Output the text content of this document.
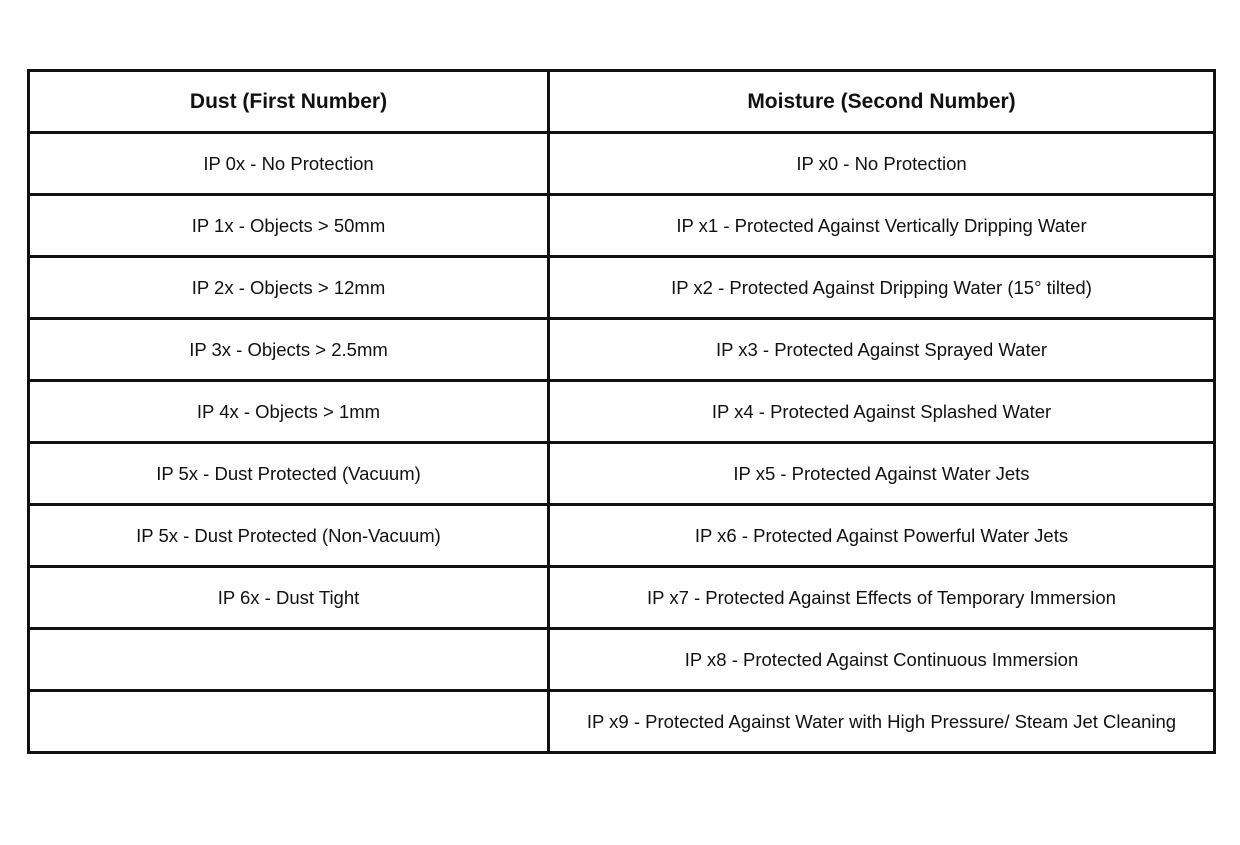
Dust (First Number)	Moisture (Second Number)
IP 0x - No Protection	IP x0 - No Protection
IP 1x - Objects > 50mm	IP x1 - Protected Against Vertically Dripping Water
IP 2x - Objects > 12mm	IP x2 - Protected Against Dripping Water (15° tilted)
IP 3x - Objects > 2.5mm	IP x3 - Protected Against Sprayed Water
IP 4x - Objects > 1mm	IP x4 - Protected Against Splashed Water
IP 5x - Dust Protected (Vacuum)	IP x5 - Protected Against Water Jets
IP 5x - Dust Protected (Non-Vacuum)	IP x6 - Protected Against Powerful Water Jets
IP 6x - Dust Tight	IP x7 - Protected Against Effects of Temporary Immersion
	IP x8 - Protected Against Continuous Immersion
	IP x9 - Protected Against Water with High Pressure/ Steam Jet Cleaning
